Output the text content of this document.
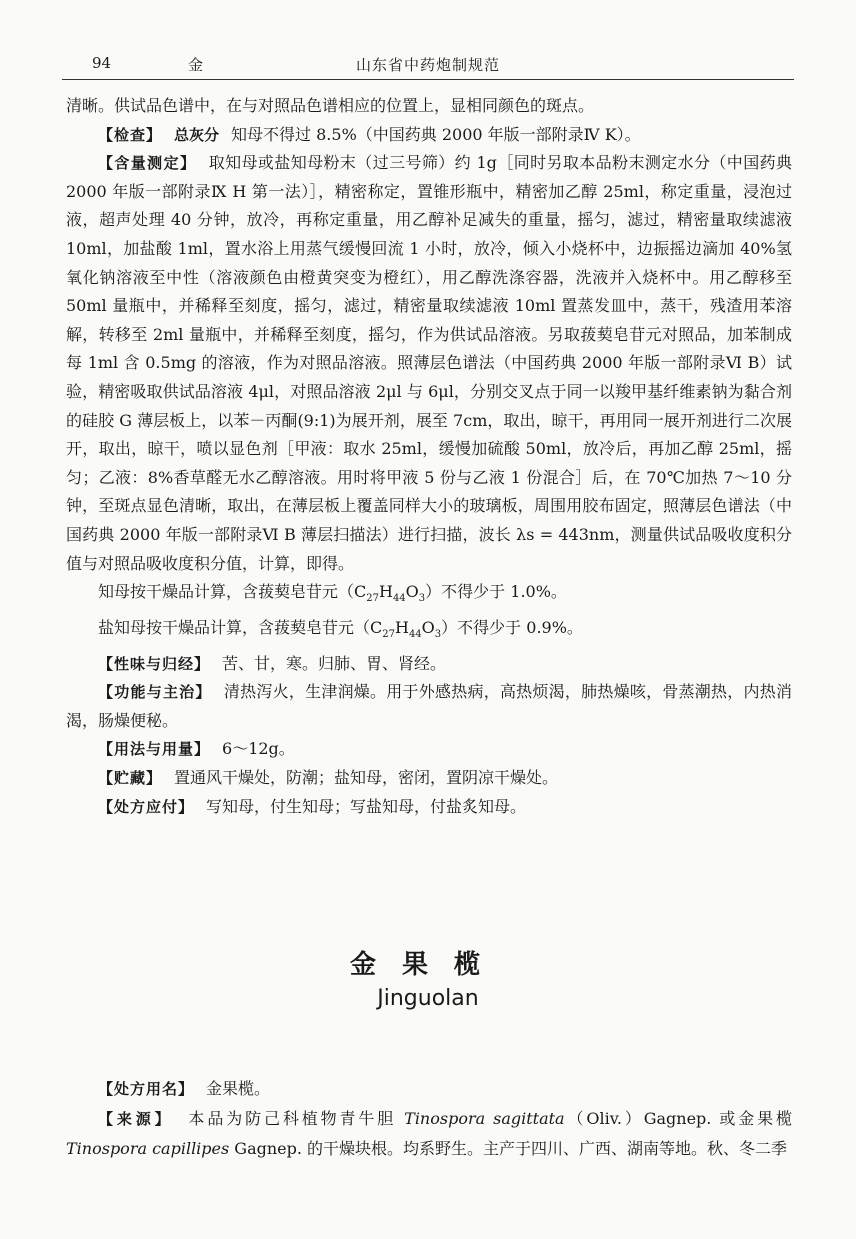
94	金	山东省中药炮制规范

清晰。供试品色谱中，在与对照品色谱相应的位置上，显相同颜色的斑点。

【检查】 总灰分 知母不得过 8.5%（中国药典 2000 年版一部附录Ⅳ K）。

【含量测定】 取知母或盐知母粉末（过三号筛）约 1g［同时另取本品粉末测定水分（中国药典 2000 年版一部附录Ⅸ H 第一法）］，精密称定，置锥形瓶中，精密加乙醇 25ml，称定重量，浸泡过液，超声处理 40 分钟，放冷，再称定重量，用乙醇补足减失的重量，摇匀，滤过，精密量取续滤液 10ml，加盐酸 1ml，置水浴上用蒸气缓慢回流 1 小时，放冷，倾入小烧杯中，边振摇边滴加 40%氢氧化钠溶液至中性（溶液颜色由橙黄突变为橙红），用乙醇洗涤容器，洗液并入烧杯中。用乙醇移至 50ml 量瓶中，并稀释至刻度，摇匀，滤过，精密量取续滤液 10ml 置蒸发皿中，蒸干，残渣用苯溶解，转移至 2ml 量瓶中，并稀释至刻度，摇匀，作为供试品溶液。另取菝葜皂苷元对照品，加苯制成每 1ml 含 0.5mg 的溶液，作为对照品溶液。照薄层色谱法（中国药典 2000 年版一部附录Ⅵ B）试验，精密吸取供试品溶液 4μl，对照品溶液 2μl 与 6μl，分别交叉点于同一以羧甲基纤维素钠为黏合剂的硅胶 G 薄层板上，以苯－丙酮(9:1)为展开剂，展至 7cm，取出，晾干，再用同一展开剂进行二次展开，取出，晾干，喷以显色剂［甲液：取水 25ml，缓慢加硫酸 50ml，放冷后，再加乙醇 25ml，摇匀；乙液：8%香草醛无水乙醇溶液。用时将甲液 5 份与乙液 1 份混合］后，在 70℃加热 7～10 分钟，至斑点显色清晰，取出，在薄层板上覆盖同样大小的玻璃板，周围用胶布固定，照薄层色谱法（中国药典 2000 年版一部附录Ⅵ B 薄层扫描法）进行扫描，波长 λs = 443nm，测量供试品吸收度积分值与对照品吸收度积分值，计算，即得。

知母按干燥品计算，含菝葜皂苷元$(C_{27}H_{44}O_3)$不得少于 1.0%。

盐知母按干燥品计算，含菝葜皂苷元$(C_{27}H_{44}O_3)$不得少于 0.9%。

【性味与归经】 苦、甘，寒。归肺、胃、肾经。

【功能与主治】 清热泻火，生津润燥。用于外感热病，高热烦渴，肺热燥咳，骨蒸潮热，内热消渴，肠燥便秘。

【用法与用量】 6～12g。

【贮藏】 置通风干燥处，防潮；盐知母，密闭，置阴凉干燥处。

【处方应付】 写知母，付生知母；写盐知母，付盐炙知母。

金果榄
Jinguolan

【处方用名】 金果榄。

【来源】 本品为防己科植物青牛胆 Tinospora sagittata（Oliv.）Gagnep. 或金果榄 Tinospora capillipes Gagnep. 的干燥块根。均系野生。主产于四川、广西、湖南等地。秋、冬二季
